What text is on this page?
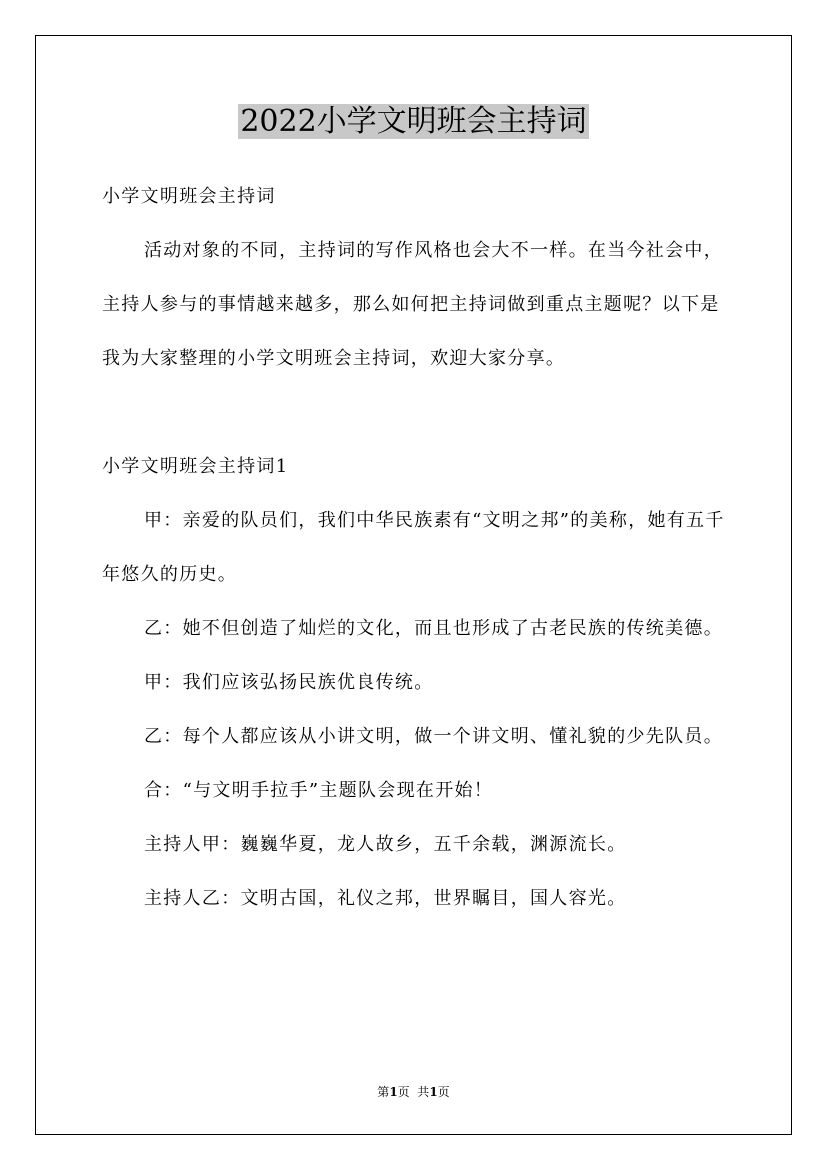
2022小学文明班会主持词

小学文明班会主持词

活动对象的不同，主持词的写作风格也会大不一样。在当今社会中，主持人参与的事情越来越多，那么如何把主持词做到重点主题呢？以下是我为大家整理的小学文明班会主持词，欢迎大家分享。

小学文明班会主持词1

甲：亲爱的队员们，我们中华民族素有“文明之邦”的美称，她有五千年悠久的历史。

乙：她不但创造了灿烂的文化，而且也形成了古老民族的传统美德。

甲：我们应该弘扬民族优良传统。

乙：每个人都应该从小讲文明，做一个讲文明、懂礼貌的少先队员。

合：“与文明手拉手”主题队会现在开始！

主持人甲：巍巍华夏，龙人故乡，五千余载，渊源流长。

主持人乙：文明古国，礼仪之邦，世界瞩目，国人容光。

第1页  共1页
